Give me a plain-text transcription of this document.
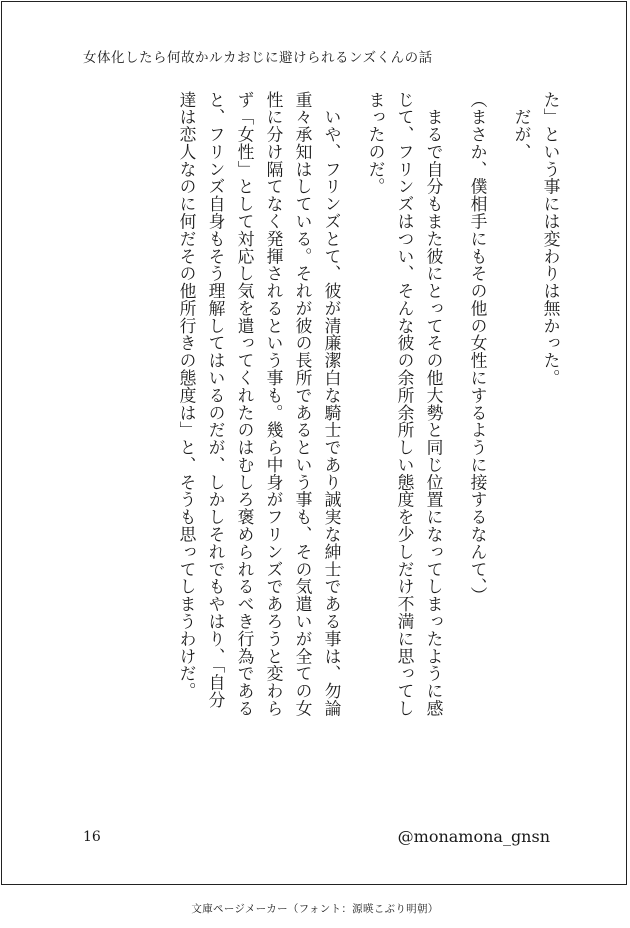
女体化したら何故かルカおじに避けられるンズくんの話
た」という事には変わりは無かった。
　だが、
（まさか、僕相手にもその他の女性にするように接するなんて、）
　まるで自分もまた彼にとってその他大勢と同じ位置になってしまったように感
じて、フリンズはつい、そんな彼の余所余所しい態度を少しだけ不満に思ってし
まったのだ。
　いや、フリンズとて、彼が清廉潔白な騎士であり誠実な紳士である事は、勿論
重々承知はしている。それが彼の長所であるという事も、その気遣いが全ての女
性に分け隔てなく発揮されるという事も。幾ら中身がフリンズであろうと変わら
ず「女性」として対応し気を遣ってくれたのはむしろ褒められるべき行為である
と、フリンズ自身もそう理解してはいるのだが、しかしそれでもやはり、「自分
達は恋人なのに何だその他所行きの態度は」と、そうも思ってしまうわけだ。
16	@monamona_gnsn
文庫ページメーカー（フォント：源暎こぶり明朝）
